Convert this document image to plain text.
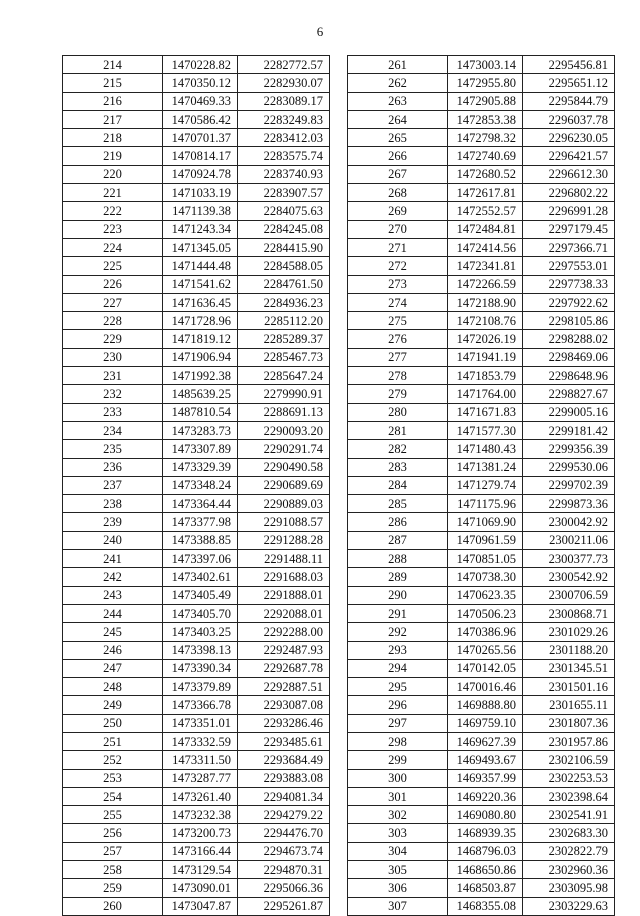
6
214	1470228.82	2282772.57
215	1470350.12	2282930.07
216	1470469.33	2283089.17
217	1470586.42	2283249.83
218	1470701.37	2283412.03
219	1470814.17	2283575.74
220	1470924.78	2283740.93
221	1471033.19	2283907.57
222	1471139.38	2284075.63
223	1471243.34	2284245.08
224	1471345.05	2284415.90
225	1471444.48	2284588.05
226	1471541.62	2284761.50
227	1471636.45	2284936.23
228	1471728.96	2285112.20
229	1471819.12	2285289.37
230	1471906.94	2285467.73
231	1471992.38	2285647.24
232	1485639.25	2279990.91
233	1487810.54	2288691.13
234	1473283.73	2290093.20
235	1473307.89	2290291.74
236	1473329.39	2290490.58
237	1473348.24	2290689.69
238	1473364.44	2290889.03
239	1473377.98	2291088.57
240	1473388.85	2291288.28
241	1473397.06	2291488.11
242	1473402.61	2291688.03
243	1473405.49	2291888.01
244	1473405.70	2292088.01
245	1473403.25	2292288.00
246	1473398.13	2292487.93
247	1473390.34	2292687.78
248	1473379.89	2292887.51
249	1473366.78	2293087.08
250	1473351.01	2293286.46
251	1473332.59	2293485.61
252	1473311.50	2293684.49
253	1473287.77	2293883.08
254	1473261.40	2294081.34
255	1473232.38	2294279.22
256	1473200.73	2294476.70
257	1473166.44	2294673.74
258	1473129.54	2294870.31
259	1473090.01	2295066.36
260	1473047.87	2295261.87
261	1473003.14	2295456.81
262	1472955.80	2295651.12
263	1472905.88	2295844.79
264	1472853.38	2296037.78
265	1472798.32	2296230.05
266	1472740.69	2296421.57
267	1472680.52	2296612.30
268	1472617.81	2296802.22
269	1472552.57	2296991.28
270	1472484.81	2297179.45
271	1472414.56	2297366.71
272	1472341.81	2297553.01
273	1472266.59	2297738.33
274	1472188.90	2297922.62
275	1472108.76	2298105.86
276	1472026.19	2298288.02
277	1471941.19	2298469.06
278	1471853.79	2298648.96
279	1471764.00	2298827.67
280	1471671.83	2299005.16
281	1471577.30	2299181.42
282	1471480.43	2299356.39
283	1471381.24	2299530.06
284	1471279.74	2299702.39
285	1471175.96	2299873.36
286	1471069.90	2300042.92
287	1470961.59	2300211.06
288	1470851.05	2300377.73
289	1470738.30	2300542.92
290	1470623.35	2300706.59
291	1470506.23	2300868.71
292	1470386.96	2301029.26
293	1470265.56	2301188.20
294	1470142.05	2301345.51
295	1470016.46	2301501.16
296	1469888.80	2301655.11
297	1469759.10	2301807.36
298	1469627.39	2301957.86
299	1469493.67	2302106.59
300	1469357.99	2302253.53
301	1469220.36	2302398.64
302	1469080.80	2302541.91
303	1468939.35	2302683.30
304	1468796.03	2302822.79
305	1468650.86	2302960.36
306	1468503.87	2303095.98
307	1468355.08	2303229.63
